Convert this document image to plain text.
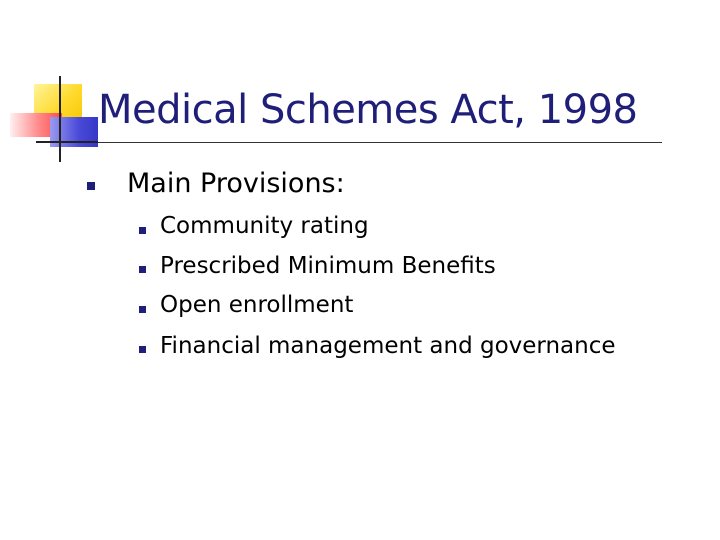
Medical Schemes Act, 1998
Main Provisions:
Community rating
Prescribed Minimum Benefits
Open enrollment
Financial management and governance
